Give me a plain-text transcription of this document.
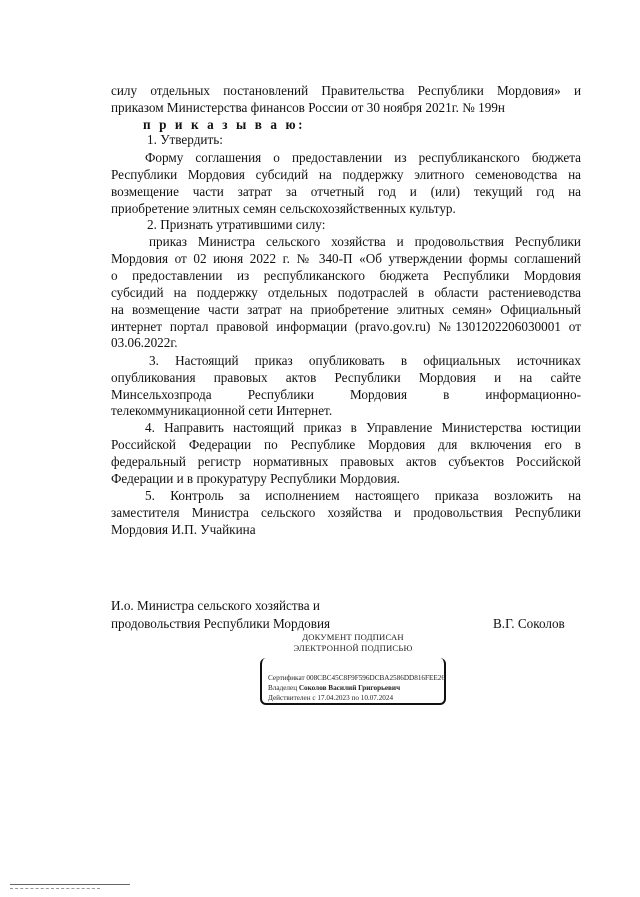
силу отдельных постановлений Правительства Республики Мордовия» и
приказом Министерства финансов России от 30 ноября 2021г. № 199н
п р и к а з ы в а ю:
1. Утвердить:
Форму соглашения о предоставлении из республиканского бюджета
Республики Мордовия субсидий на поддержку элитного семеноводства на
возмещение части затрат за отчетный год и (или) текущий год на
приобретение элитных семян сельскохозяйственных культур.
2. Признать утратившими силу:
приказ Министра сельского хозяйства и продовольствия Республики
Мордовия от 02 июня 2022 г. № 340-П «Об утверждении формы соглашений
о предоставлении из республиканского бюджета Республики Мордовия
субсидий на поддержку отдельных подотраслей в области растениеводства
на возмещение части затрат на приобретение элитных семян» Официальный
интернет портал правовой информации (pravo.gov.ru) №1301202206030001 от
03.06.2022г.
3. Настоящий приказ опубликовать в официальных источниках
опубликования правовых актов Республики Мордовия и на сайте
Минсельхозпрода Республики Мордовия в информационно-
телекоммуникационной сети Интернет.
4. Направить настоящий приказ в Управление Министерства юстиции
Российской Федерации по Республике Мордовия для включения его в
федеральный регистр нормативных правовых актов субъектов Российской
Федерации и в прокуратуру Республики Мордовия.
5. Контроль за исполнением настоящего приказа возложить на
заместителя Министра сельского хозяйства и продовольствия Республики
Мордовия И.П. Учайкина
И.о. Министра сельского хозяйства и
продовольствия Республики Мордовия	В.Г. Соколов
ДОКУМЕНТ ПОДПИСАН
ЭЛЕКТРОННОЙ ПОДПИСЬЮ
Сертификат 008CBC45C8F9F596DCBA2586DD816FEE26
Владелец Соколов Василий Григорьевич
Действителен с 17.04.2023 по 10.07.2024
